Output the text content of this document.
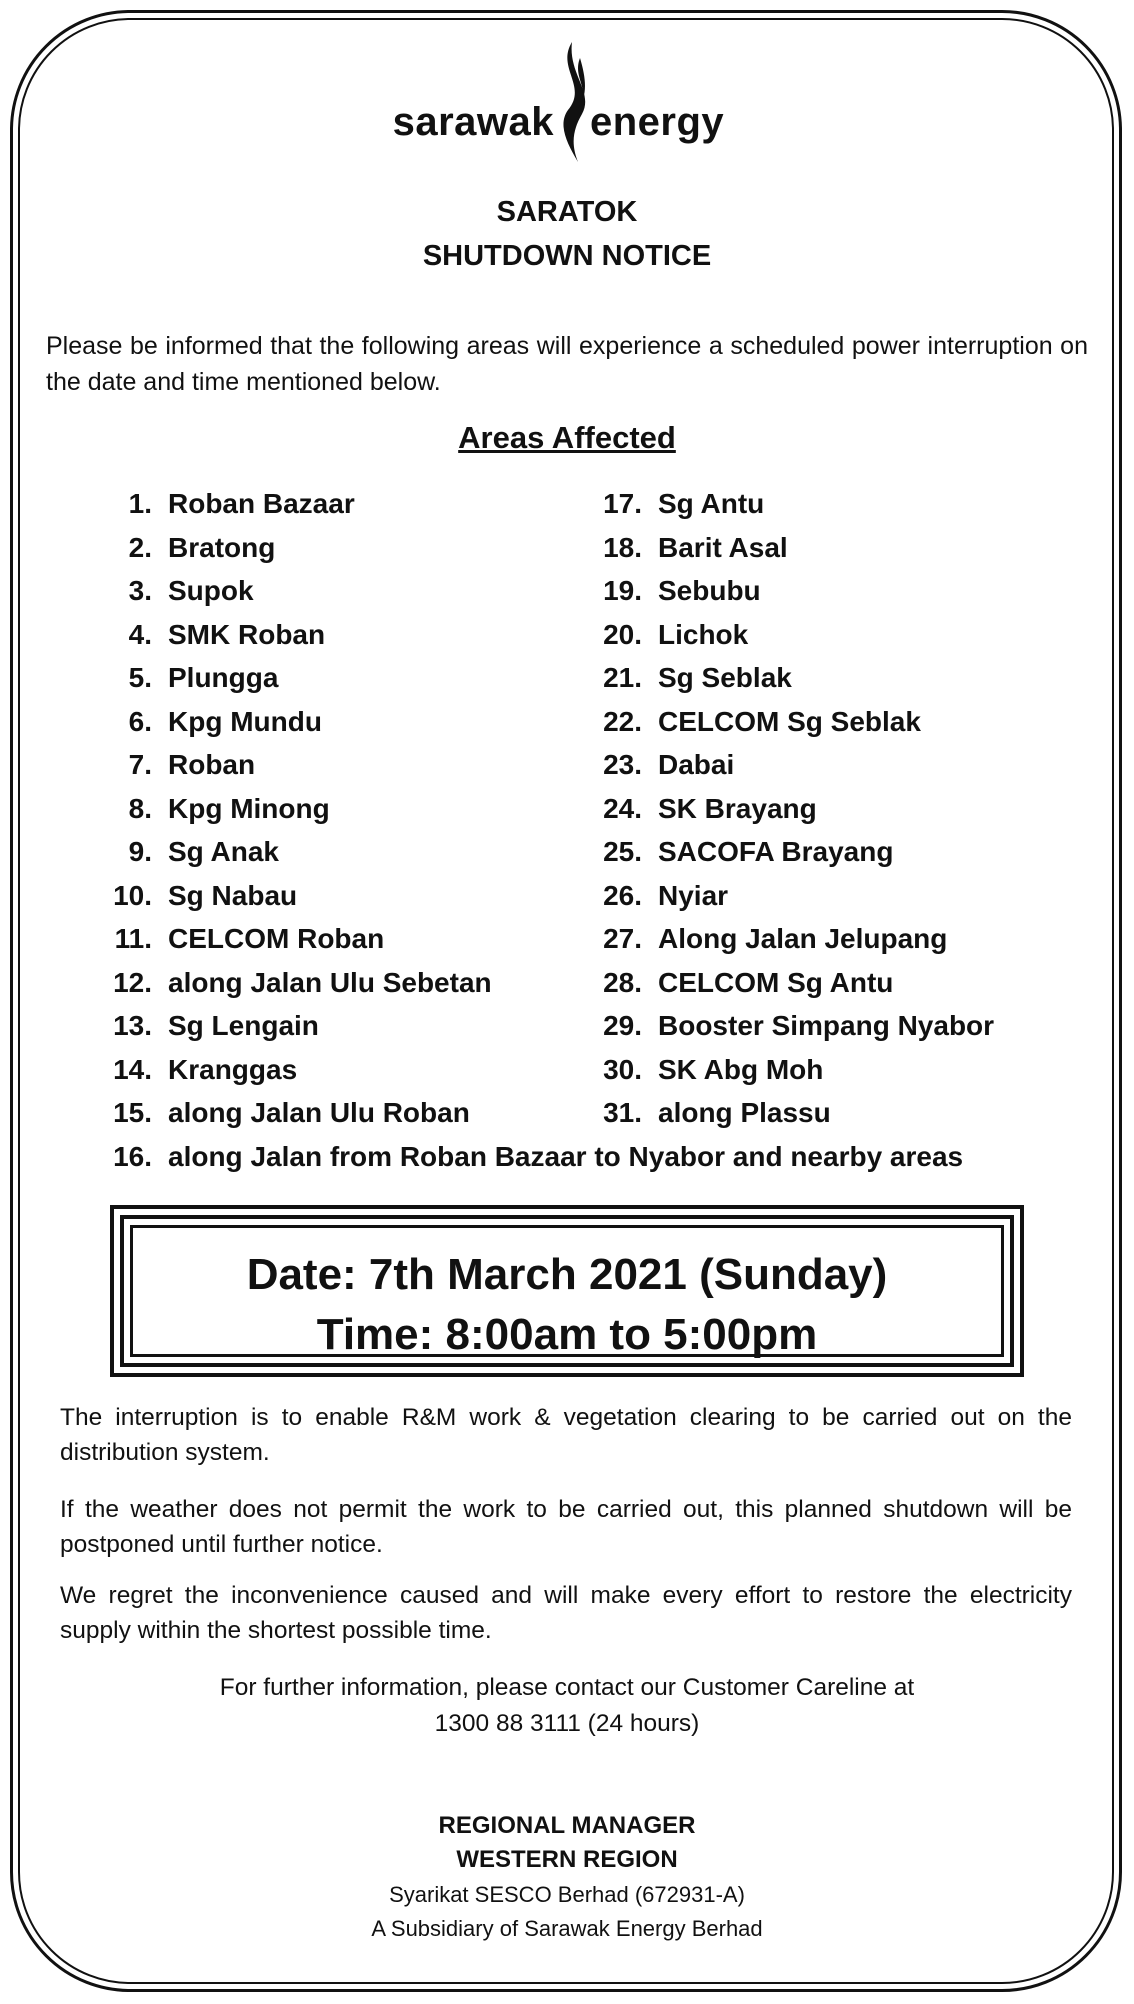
sarawak energy
SARATOK
SHUTDOWN NOTICE
Please be informed that the following areas will experience a scheduled power interruption on the date and time mentioned below.
Areas Affected
1. Roban Bazaar
2. Bratong
3. Supok
4. SMK Roban
5. Plungga
6. Kpg Mundu
7. Roban
8. Kpg Minong
9. Sg Anak
10. Sg Nabau
11. CELCOM Roban
12. along Jalan Ulu Sebetan
13. Sg Lengain
14. Kranggas
15. along Jalan Ulu Roban
17. Sg Antu
18. Barit Asal
19. Sebubu
20. Lichok
21. Sg Seblak
22. CELCOM Sg Seblak
23. Dabai
24. SK Brayang
25. SACOFA Brayang
26. Nyiar
27. Along Jalan Jelupang
28. CELCOM Sg Antu
29. Booster Simpang Nyabor
30. SK Abg Moh
31. along Plassu
16. along Jalan from Roban Bazaar to Nyabor and nearby areas
Date: 7th March 2021 (Sunday)
Time: 8:00am to 5:00pm
The interruption is to enable R&M work & vegetation clearing to be carried out on the distribution system.
If the weather does not permit the work to be carried out, this planned shutdown will be postponed until further notice.
We regret the inconvenience caused and will make every effort to restore the electricity supply within the shortest possible time.
For further information, please contact our Customer Careline at
1300 88 3111 (24 hours)
REGIONAL MANAGER
WESTERN REGION
Syarikat SESCO Berhad (672931-A)
A Subsidiary of Sarawak Energy Berhad
